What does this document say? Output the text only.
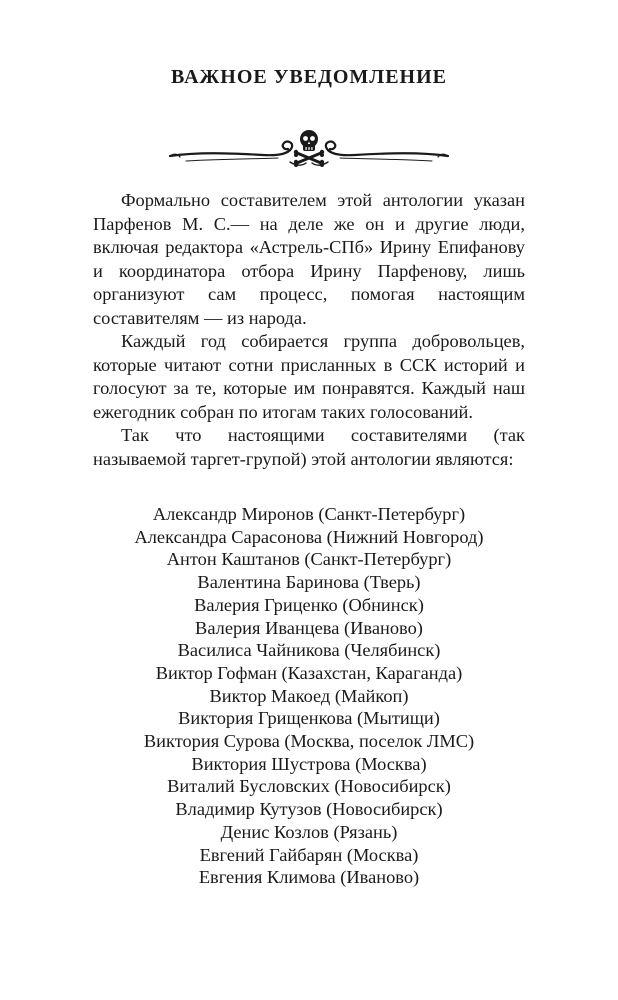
ВАЖНОЕ УВЕДОМЛЕНИЕ

Формально составителем этой антологии указан Парфенов М. С.— на деле же он и другие люди, включая редактора «Астрель-СПб» Ирину Епифанову и координатора отбора Ирину Парфенову, лишь организуют сам процесс, помогая настоящим составителям — из народа.

Каждый год собирается группа добровольцев, которые читают сотни присланных в ССК историй и голосуют за те, которые им понравятся. Каждый наш ежегодник собран по итогам таких голосований.

Так что настоящими составителями (так называемой таргет-групой) этой антологии являются:

Александр Миронов (Санкт-Петербург)
Александра Сарасонова (Нижний Новгород)
Антон Каштанов (Санкт-Петербург)
Валентина Баринова (Тверь)
Валерия Гриценко (Обнинск)
Валерия Иванцева (Иваново)
Василиса Чайникова (Челябинск)
Виктор Гофман (Казахстан, Караганда)
Виктор Макоед (Майкоп)
Виктория Грищенкова (Мытищи)
Виктория Сурова (Москва, поселок ЛМС)
Виктория Шустрова (Москва)
Виталий Бусловских (Новосибирск)
Владимир Кутузов (Новосибирск)
Денис Козлов (Рязань)
Евгений Гайбарян (Москва)
Евгения Климова (Иваново)
